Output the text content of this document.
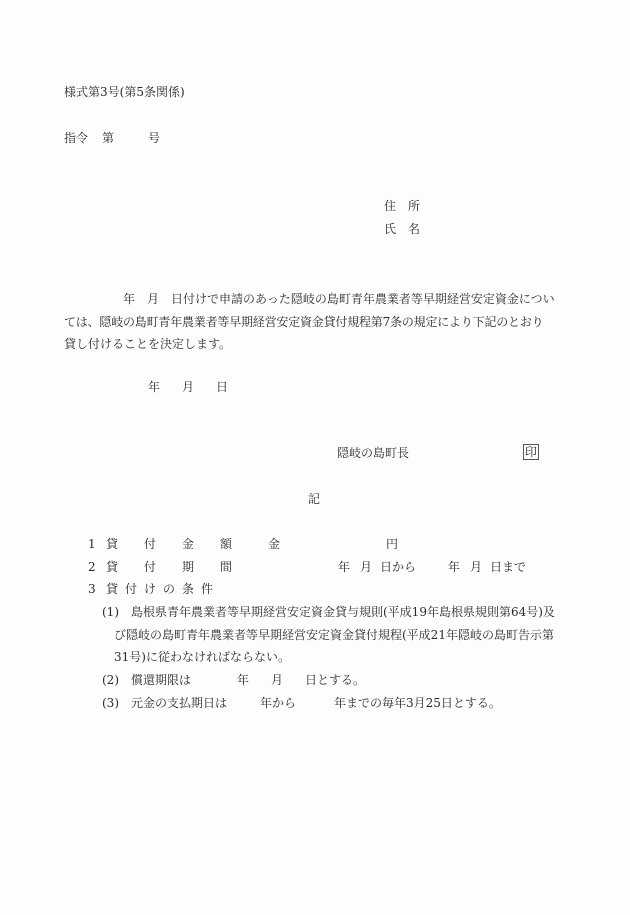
様式第3号(第5条関係)
指令 第	号
住　所
氏　名
年 月 日付けで申請のあった隠岐の島町青年農業者等早期経営安定資金につい
ては、隠岐の島町青年農業者等早期経営安定資金貸付規程第7条の規定により下記のとおり
貸し付けることを決定します。
年 月 日
隠岐の島町長	印
記
1 貸 付 金 額	金	円
2 貸 付 期 間	年 月 日から	年 月 日まで
3 貸 付 け の 条 件
(1) 島根県青年農業者等早期経営安定資金貸与規則(平成19年島根県規則第64号)及
び隠岐の島町青年農業者等早期経営安定資金貸付規程(平成21年隠岐の島町告示第
31号)に従わなければならない。
(2) 償還期限は	年 月 日とする。
(3) 元金の支払期日は	年から	年までの毎年3月25日とする。
